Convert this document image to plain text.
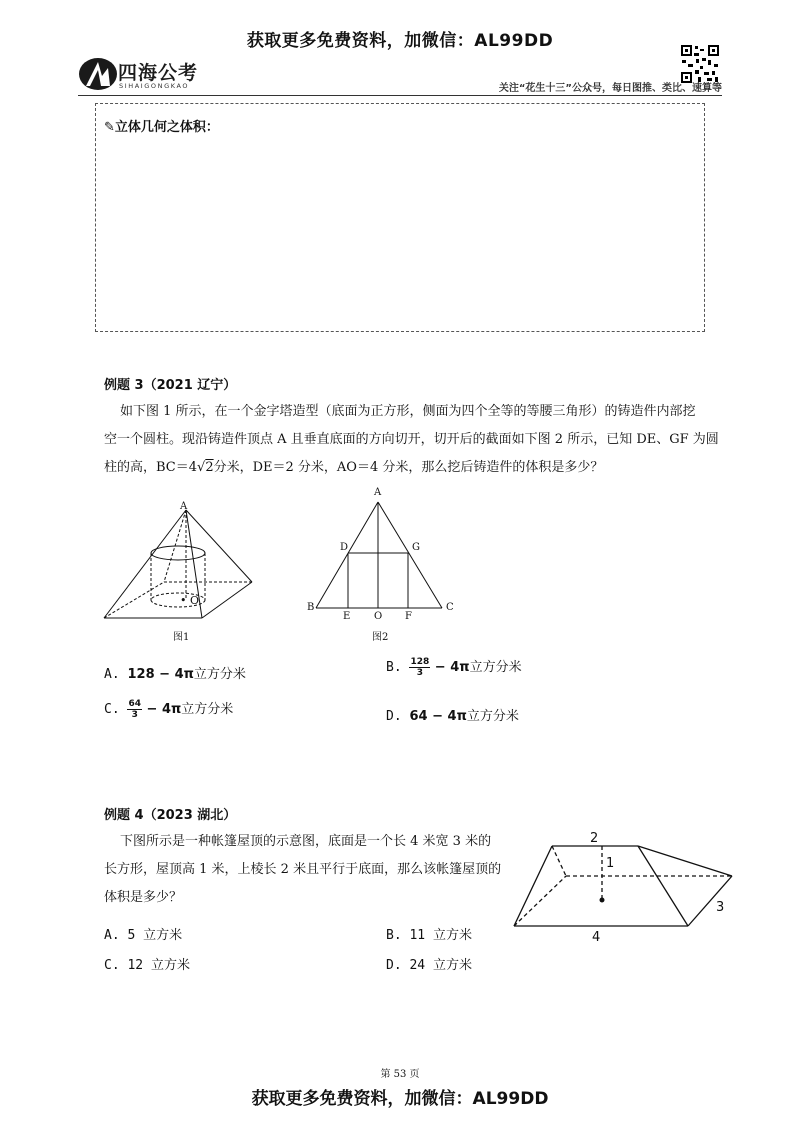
获取更多免费资料，加微信：AL99DD
四海公考
SIHAIGONGKAO	关注“花生十三”公众号，每日图推、类比、速算等
✎立体几何之体积：
例题 3（2021 辽宁）
如下图 1 所示，在一个金字塔造型（底面为正方形，侧面为四个全等的等腰三角形）的铸造件内部挖
空一个圆柱。现沿铸造件顶点 A 且垂直底面的方向切开，切开后的截面如下图 2 所示，已知 DE、GF 为圆
柱的高，BC＝4√2分米，DE＝2 分米，AO＝4 分米，那么挖后铸造件的体积是多少？
A
• O
图1
A
D	G
B
E O F
C
图2
A. 128 − 4π立方分米	B. $\frac{128}{3} - 4\pi$立方分米
C. $\frac{64}{3} - 4\pi$立方分米	D. 64 − 4π立方分米
例题 4（2023 湖北）
下图所示是一种帐篷屋顶的示意图，底面是一个长 4 米宽 3 米的
长方形，屋顶高 1 米，上棱长 2 米且平行于底面，那么该帐篷屋顶的
体积是多少？
2
1
3
4
A. 5 立方米	B. 11 立方米
C. 12 立方米	D. 24 立方米
第 53 页
获取更多免费资料，加微信：AL99DD
